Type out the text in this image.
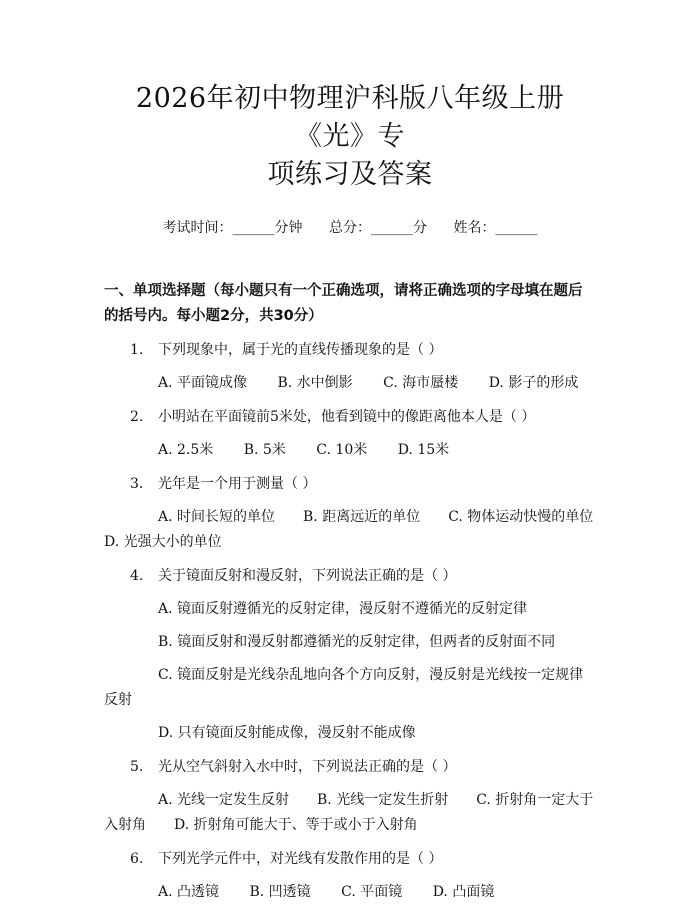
2026年初中物理沪科版八年级上册《光》专
项练习及答案
考试时间：______分钟 总分：______分 姓名：______
一、单项选择题（每小题只有一个正确选项，请将正确选项的字母填在题后的括号内。每小题2分，共30分）
1. 下列现象中，属于光的直线传播现象的是（ ）
A. 平面镜成像 B. 水中倒影 C. 海市蜃楼 D. 影子的形成
2. 小明站在平面镜前5米处，他看到镜中的像距离他本人是（ ）
A. 2.5米 B. 5米 C. 10米 D. 15米
3. 光年是一个用于测量（ ）
A. 时间长短的单位　　B. 距离远近的单位　　C. 物体运动快慢的单位　　D. 光强大小的单位
4. 关于镜面反射和漫反射，下列说法正确的是（ ）
A. 镜面反射遵循光的反射定律，漫反射不遵循光的反射定律
B. 镜面反射和漫反射都遵循光的反射定律，但两者的反射面不同
C. 镜面反射是光线杂乱地向各个方向反射，漫反射是光线按一定规律反射
D. 只有镜面反射能成像，漫反射不能成像
5. 光从空气斜射入水中时，下列说法正确的是（ ）
A. 光线一定发生反射　　B. 光线一定发生折射　　C. 折射角一定大于入射角　　D. 折射角可能大于、等于或小于入射角
6. 下列光学元件中，对光线有发散作用的是（ ）
A. 凸透镜 B. 凹透镜 C. 平面镜 D. 凸面镜
